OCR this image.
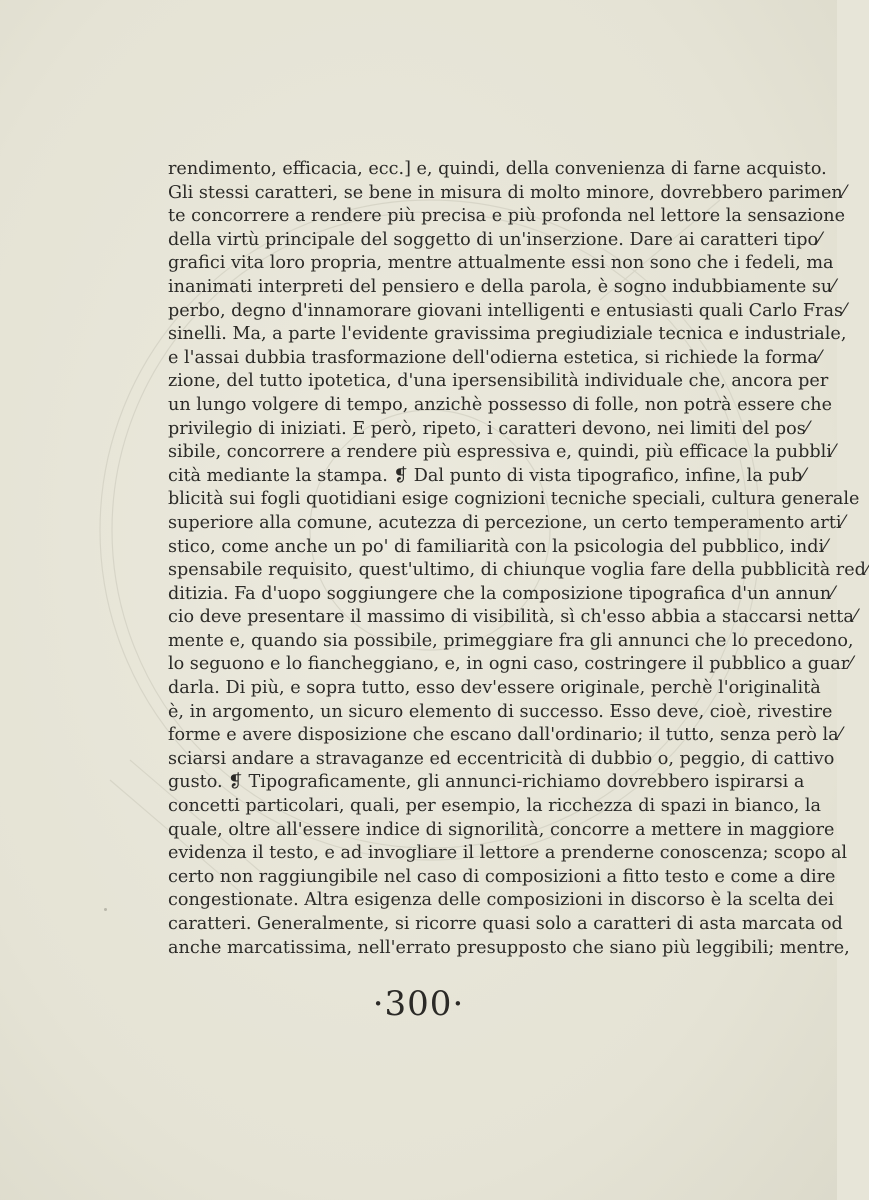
rendimento, efficacia, ecc.] e, quindi, della convenienza di farne acquisto.
Gli stessi caratteri, se bene in misura di molto minore, dovrebbero parimen⁄
te concorrere a rendere più precisa e più profonda nel lettore la sensazione
della virtù principale del soggetto di un'inserzione. Dare ai caratteri tipo⁄
grafici vita loro propria, mentre attualmente essi non sono che i fedeli, ma
inanimati interpreti del pensiero e della parola, è sogno indubbiamente su⁄
perbo, degno d'innamorare giovani intelligenti e entusiasti quali Carlo Fras⁄
sinelli. Ma, a parte l'evidente gravissima pregiudiziale tecnica e industriale,
e l'assai dubbia trasformazione dell'odierna estetica, si richiede la forma⁄
zione, del tutto ipotetica, d'una ipersensibilità individuale che, ancora per
un lungo volgere di tempo, anzichè possesso di folle, non potrà essere che
privilegio di iniziati. E però, ripeto, i caratteri devono, nei limiti del pos⁄
sibile, concorrere a rendere più espressiva e, quindi, più efficace la pubbli⁄
cità mediante la stampa. ❡ Dal punto di vista tipografico, infine, la pub⁄
blicità sui fogli quotidiani esige cognizioni tecniche speciali, cultura generale
superiore alla comune, acutezza di percezione, un certo temperamento arti⁄
stico, come anche un po' di familiarità con la psicologia del pubblico, indi⁄
spensabile requisito, quest'ultimo, di chiunque voglia fare della pubblicità red⁄
ditizia. Fa d'uopo soggiungere che la composizione tipografica d'un annun⁄
cio deve presentare il massimo di visibilità, sì ch'esso abbia a staccarsi netta⁄
mente e, quando sia possibile, primeggiare fra gli annunci che lo precedono,
lo seguono e lo fiancheggiano, e, in ogni caso, costringere il pubblico a guar⁄
darla. Di più, e sopra tutto, esso dev'essere originale, perchè l'originalità
è, in argomento, un sicuro elemento di successo. Esso deve, cioè, rivestire
forme e avere disposizione che escano dall'ordinario; il tutto, senza però la⁄
sciarsi andare a stravaganze ed eccentricità di dubbio o, peggio, di cattivo
gusto. ❡ Tipograficamente, gli annunci-richiamo dovrebbero ispirarsi a
concetti particolari, quali, per esempio, la ricchezza di spazi in bianco, la
quale, oltre all'essere indice di signorilità, concorre a mettere in maggiore
evidenza il testo, e ad invogliare il lettore a prenderne conoscenza; scopo al
certo non raggiungibile nel caso di composizioni a fitto testo e come a dire
congestionate. Altra esigenza delle composizioni in discorso è la scelta dei
caratteri. Generalmente, si ricorre quasi solo a caratteri di asta marcata od
anche marcatissima, nell'errato presupposto che siano più leggibili; mentre,
·300·
